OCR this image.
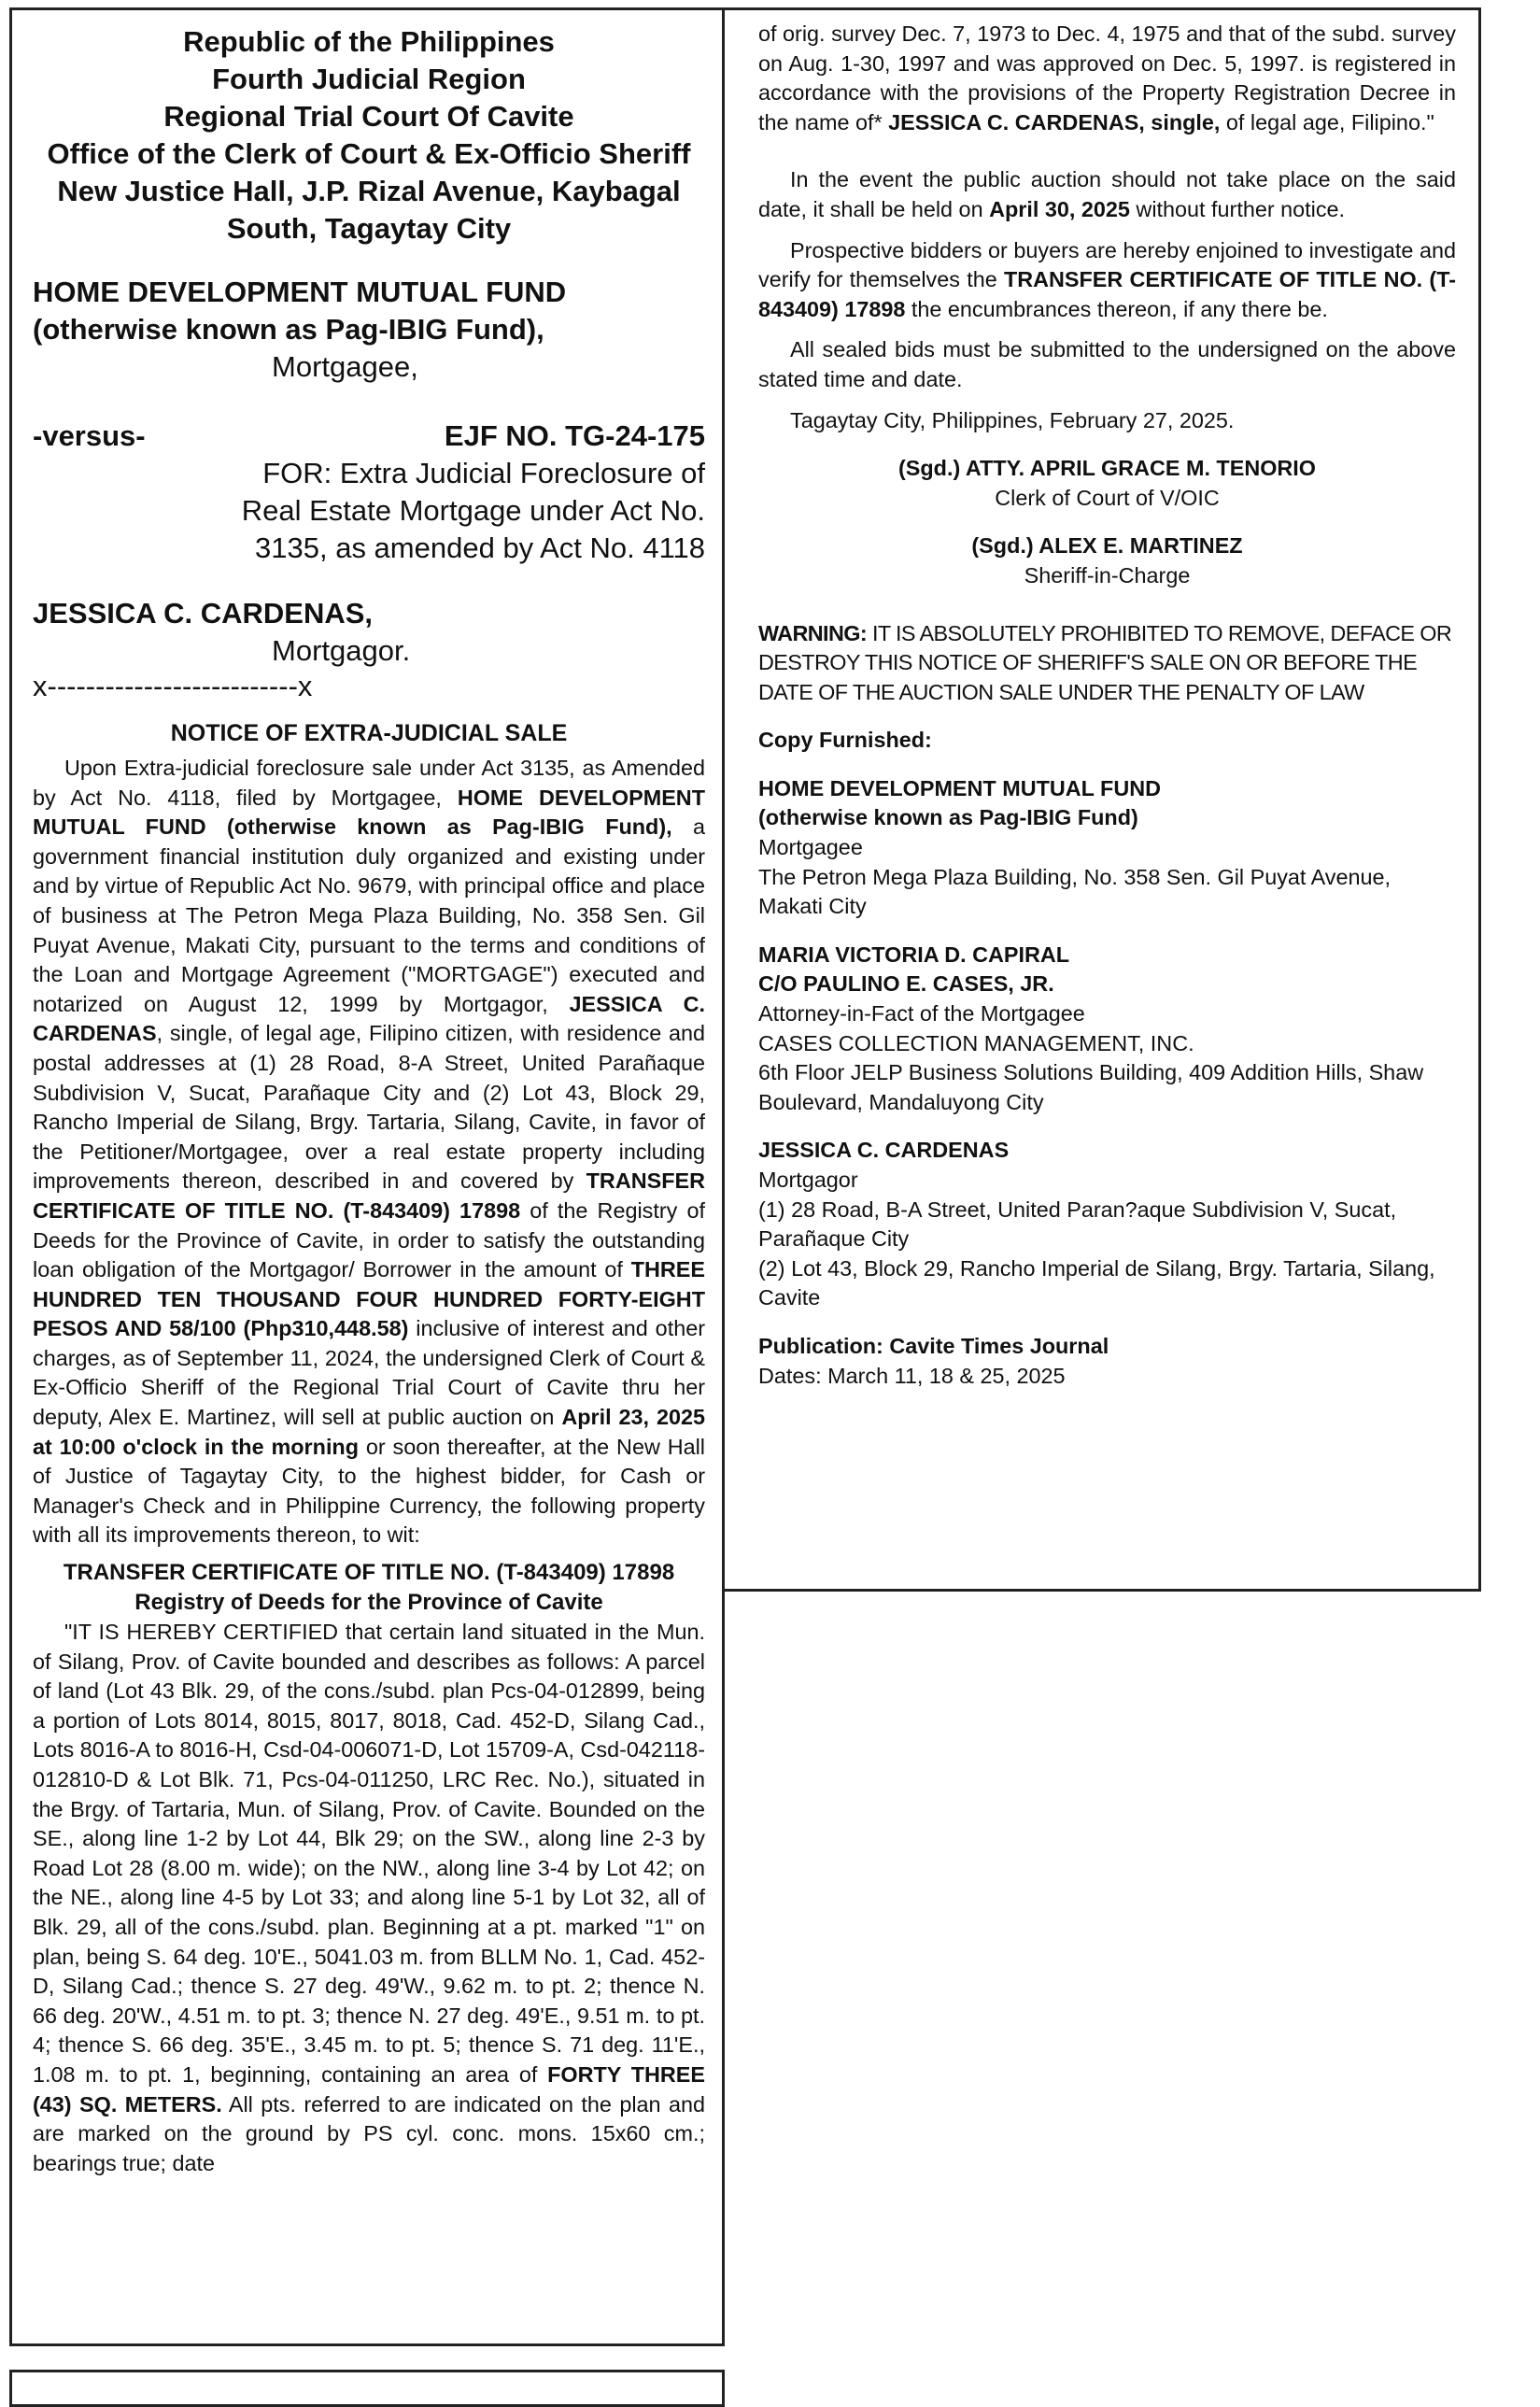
Republic of the Philippines
Fourth Judicial Region
Regional Trial Court Of Cavite
Office of the Clerk of Court & Ex-Officio Sheriff
New Justice Hall, J.P. Rizal Avenue, Kaybagal
South, Tagaytay City
HOME DEVELOPMENT MUTUAL FUND
(otherwise known as Pag-IBIG Fund),
Mortgagee,
-versus-	EJF NO. TG-24-175
FOR: Extra Judicial Foreclosure of
Real Estate Mortgage under Act No.
3135, as amended by Act No. 4118
JESSICA C. CARDENAS,
Mortgagor.
x--------------------------x
NOTICE OF EXTRA-JUDICIAL SALE
Upon Extra-judicial foreclosure sale under Act 3135, as Amended by Act No. 4118, filed by Mortgagee, HOME DEVELOPMENT MUTUAL FUND (otherwise known as Pag-IBIG Fund), a government financial institution duly organized and existing under and by virtue of Republic Act No. 9679, with principal office and place of business at The Petron Mega Plaza Building, No. 358 Sen. Gil Puyat Avenue, Makati City, pursuant to the terms and conditions of the Loan and Mortgage Agreement ("MORTGAGE") executed and notarized on August 12, 1999 by Mortgagor, JESSICA C. CARDENAS, single, of legal age, Filipino citizen, with residence and postal addresses at (1) 28 Road, 8-A Street, United Parañaque Subdivision V, Sucat, Parañaque City and (2) Lot 43, Block 29, Rancho Imperial de Silang, Brgy. Tartaria, Silang, Cavite, in favor of the Petitioner/Mortgagee, over a real estate property including improvements thereon, described in and covered by TRANSFER CERTIFICATE OF TITLE NO. (T-843409) 17898 of the Registry of Deeds for the Province of Cavite, in order to satisfy the outstanding loan obligation of the Mortgagor/ Borrower in the amount of THREE HUNDRED TEN THOUSAND FOUR HUNDRED FORTY-EIGHT PESOS AND 58/100 (Php310,448.58) inclusive of interest and other charges, as of September 11, 2024, the undersigned Clerk of Court & Ex-Officio Sheriff of the Regional Trial Court of Cavite thru her deputy, Alex E. Martinez, will sell at public auction on April 23, 2025 at 10:00 o'clock in the morning or soon thereafter, at the New Hall of Justice of Tagaytay City, to the highest bidder, for Cash or Manager's Check and in Philippine Currency, the following property with all its improvements thereon, to wit:
TRANSFER CERTIFICATE OF TITLE NO. (T-843409) 17898
Registry of Deeds for the Province of Cavite
"IT IS HEREBY CERTIFIED that certain land situated in the Mun. of Silang, Prov. of Cavite bounded and describes as follows: A parcel of land (Lot 43 Blk. 29, of the cons./subd. plan Pcs-04-012899, being a portion of Lots 8014, 8015, 8017, 8018, Cad. 452-D, Silang Cad., Lots 8016-A to 8016-H, Csd-04-006071-D, Lot 15709-A, Csd-042118-012810-D & Lot Blk. 71, Pcs-04-011250, LRC Rec. No.), situated in the Brgy. of Tartaria, Mun. of Silang, Prov. of Cavite. Bounded on the SE., along line 1-2 by Lot 44, Blk 29; on the SW., along line 2-3 by Road Lot 28 (8.00 m. wide); on the NW., along line 3-4 by Lot 42; on the NE., along line 4-5 by Lot 33; and along line 5-1 by Lot 32, all of Blk. 29, all of the cons./subd. plan. Beginning at a pt. marked "1" on plan, being S. 64 deg. 10'E., 5041.03 m. from BLLM No. 1, Cad. 452-D, Silang Cad.; thence S. 27 deg. 49'W., 9.62 m. to pt. 2; thence N. 66 deg. 20'W., 4.51 m. to pt. 3; thence N. 27 deg. 49'E., 9.51 m. to pt. 4; thence S. 66 deg. 35'E., 3.45 m. to pt. 5; thence S. 71 deg. 11'E., 1.08 m. to pt. 1, beginning, containing an area of FORTY THREE (43) SQ. METERS. All pts. referred to are indicated on the plan and are marked on the ground by PS cyl. conc. mons. 15x60 cm.; bearings true; date
of orig. survey Dec. 7, 1973 to Dec. 4, 1975 and that of the subd. survey on Aug. 1-30, 1997 and was approved on Dec. 5, 1997. is registered in accordance with the provisions of the Property Registration Decree in the name of* JESSICA C. CARDENAS, single, of legal age, Filipino."
In the event the public auction should not take place on the said date, it shall be held on April 30, 2025 without further notice.
Prospective bidders or buyers are hereby enjoined to investigate and verify for themselves the TRANSFER CERTIFICATE OF TITLE NO. (T-843409) 17898 the encumbrances thereon, if any there be.
All sealed bids must be submitted to the undersigned on the above stated time and date.
Tagaytay City, Philippines, February 27, 2025.
(Sgd.) ATTY. APRIL GRACE M. TENORIO
Clerk of Court of V/OIC
(Sgd.) ALEX E. MARTINEZ
Sheriff-in-Charge
WARNING: IT IS ABSOLUTELY PROHIBITED TO REMOVE, DEFACE OR DESTROY THIS NOTICE OF SHERIFF'S SALE ON OR BEFORE THE DATE OF THE AUCTION SALE UNDER THE PENALTY OF LAW
Copy Furnished:
HOME DEVELOPMENT MUTUAL FUND
(otherwise known as Pag-IBIG Fund)
Mortgagee
The Petron Mega Plaza Building, No. 358 Sen. Gil Puyat Avenue, Makati City
MARIA VICTORIA D. CAPIRAL
C/O PAULINO E. CASES, JR.
Attorney-in-Fact of the Mortgagee
CASES COLLECTION MANAGEMENT, INC.
6th Floor JELP Business Solutions Building, 409 Addition Hills, Shaw Boulevard, Mandaluyong City
JESSICA C. CARDENAS
Mortgagor
(1) 28 Road, B-A Street, United Paran?aque Subdivision V, Sucat, Parañaque City
(2) Lot 43, Block 29, Rancho Imperial de Silang, Brgy. Tartaria, Silang, Cavite
Publication: Cavite Times Journal
Dates: March 11, 18 & 25, 2025
